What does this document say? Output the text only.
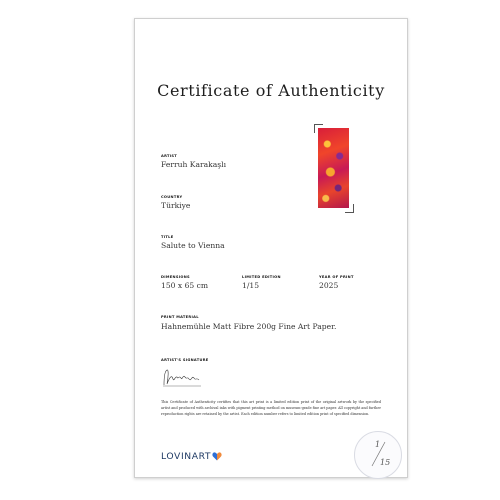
Certificate of Authenticity
ARTIST
Ferruh Karakaşlı
COUNTRY
Türkiye
TITLE
Salute to Vienna
DIMENSIONS
150 x 65 cm
LIMITED EDITION
1/15
YEAR OF PRINT
2025
PRINT MATERIAL
Hahnemühle Matt Fibre 200g Fine Art Paper.
ARTIST'S SIGNATURE
This Certificate of Authenticity certifies that this art print is a limited edition print of the original artwork by the specified artist and produced with archival inks with pigment printing method on museum-grade fine art paper. All copyright and further reproduction rights are retained by the artist. Each edition number refers to limited edition print of specified dimension.
LOVINART
1
15
